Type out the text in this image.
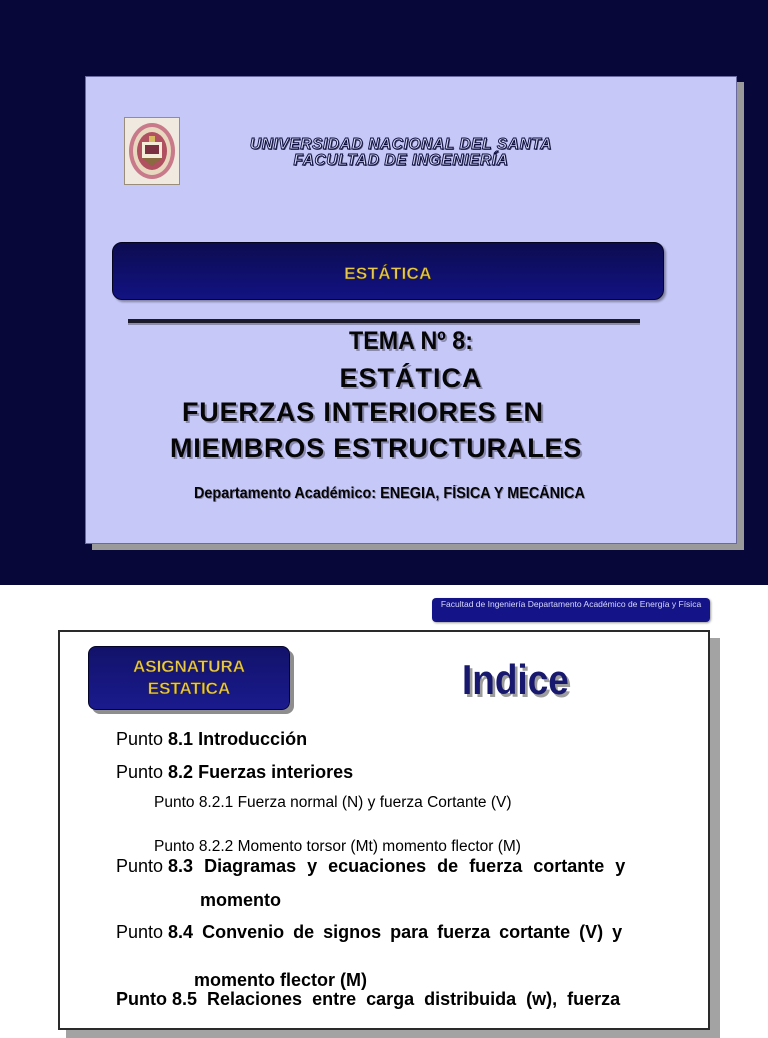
UNIVERSIDAD NACIONAL DEL SANTA
FACULTAD DE INGENIERÍA
ESTÁTICA
TEMA Nº 8:
ESTÁTICA
FUERZAS INTERIORES EN
MIEMBROS ESTRUCTURALES
Departamento Académico: ENEGIA, FÍSICA Y MECÁNICA
Facultad de Ingeniería Departamento Académico de Energía y Física
ASIGNATURA
ESTATICA	Indice
Punto 8.1 Introducción
Punto 8.2 Fuerzas interiores
Punto 8.2.1 Fuerza normal (N) y fuerza Cortante (V)
Punto 8.2.2 Momento torsor (Mt) momento flector (M)
Punto 8.3 Diagramas y ecuaciones de fuerza cortante y
momento
Punto 8.4 Convenio de signos para fuerza cortante (V) y
momento flector (M)
Punto 8.5 Relaciones entre carga distribuida (w), fuerza
